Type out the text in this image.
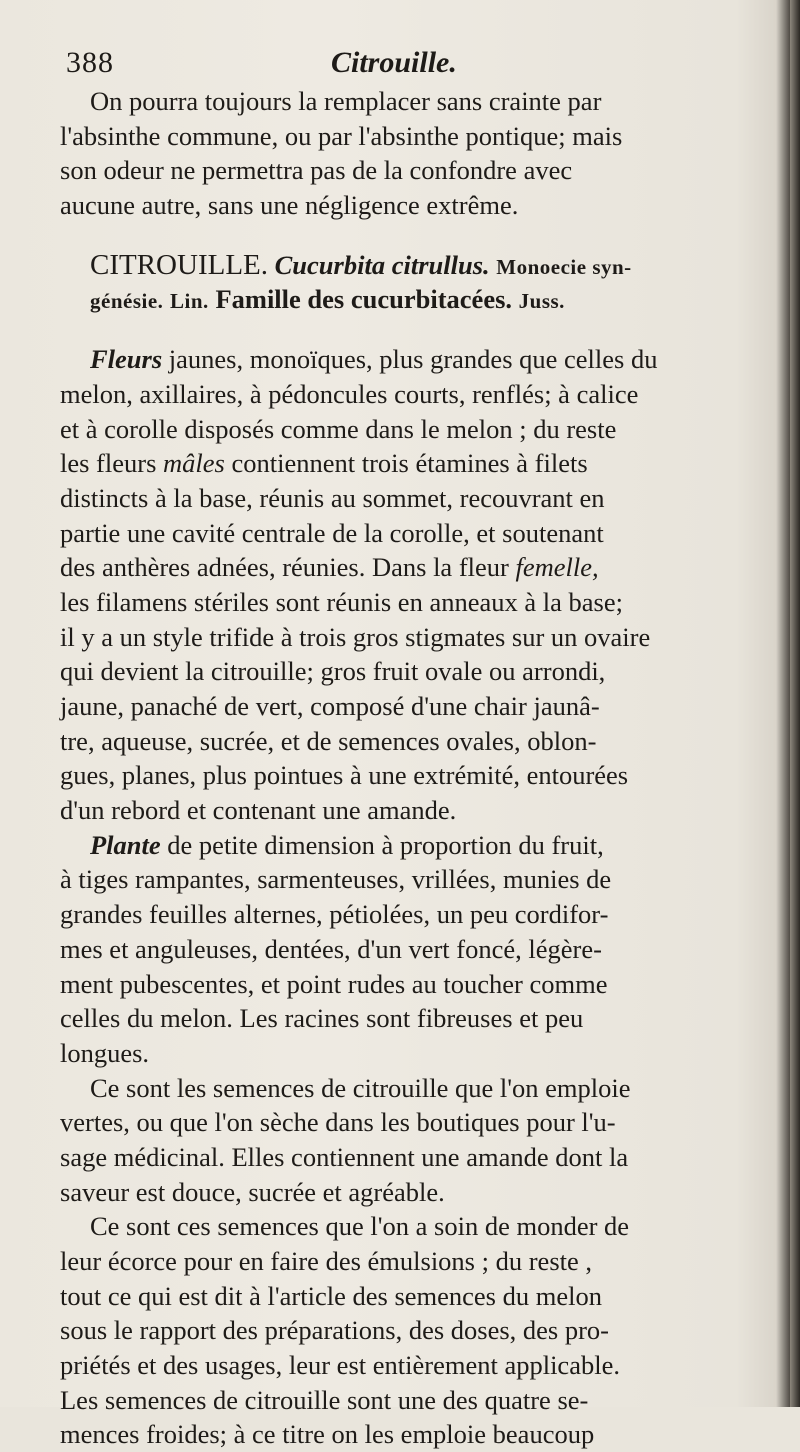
388	Citrouille.
On pourra toujours la remplacer sans crainte par
l'absinthe commune, ou par l'absinthe pontique; mais
son odeur ne permettra pas de la confondre avec
aucune autre, sans une négligence extrême.
CITROUILLE. Cucurbita citrullus. Monoecie syn-
génésie. Lin. Famille des cucurbitacées. Juss.
Fleurs jaunes, monoïques, plus grandes que celles du
melon, axillaires, à pédoncules courts, renflés; à calice
et à corolle disposés comme dans le melon ; du reste
les fleurs mâles contiennent trois étamines à filets
distincts à la base, réunis au sommet, recouvrant en
partie une cavité centrale de la corolle, et soutenant
des anthères adnées, réunies. Dans la fleur femelle,
les filamens stériles sont réunis en anneaux à la base;
il y a un style trifide à trois gros stigmates sur un ovaire
qui devient la citrouille; gros fruit ovale ou arrondi,
jaune, panaché de vert, composé d'une chair jaunâ-
tre, aqueuse, sucrée, et de semences ovales, oblon-
gues, planes, plus pointues à une extrémité, entourées
d'un rebord et contenant une amande.
Plante de petite dimension à proportion du fruit,
à tiges rampantes, sarmenteuses, vrillées, munies de
grandes feuilles alternes, pétiolées, un peu cordifor-
mes et anguleuses, dentées, d'un vert foncé, légère-
ment pubescentes, et point rudes au toucher comme
celles du melon. Les racines sont fibreuses et peu
longues.
Ce sont les semences de citrouille que l'on emploie
vertes, ou que l'on sèche dans les boutiques pour l'u-
sage médicinal. Elles contiennent une amande dont la
saveur est douce, sucrée et agréable.
Ce sont ces semences que l'on a soin de monder de
leur écorce pour en faire des émulsions ; du reste ,
tout ce qui est dit à l'article des semences du melon
sous le rapport des préparations, des doses, des pro-
priétés et des usages, leur est entièrement applicable.
Les semences de citrouille sont une des quatre se-
mences froides; à ce titre on les emploie beaucoup
